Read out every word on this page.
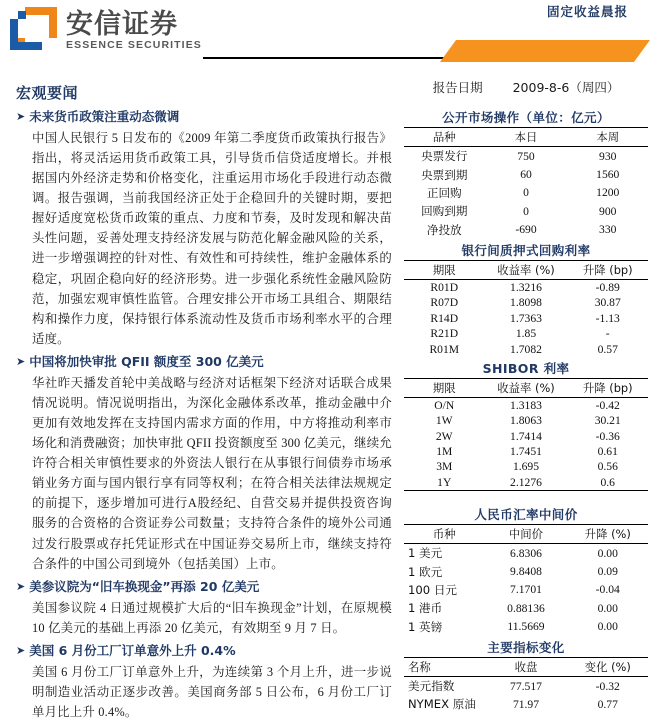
安信证券
ESSENCE SECURITIES
固定收益晨报
宏观要闻
➤ 未来货币政策注重动态微调

中国人民银行 5 日发布的《2009 年第二季度货币政策执行报告》指出，将灵活运用货币政策工具，引导货币信贷适度增长。并根据国内外经济走势和价格变化，注重运用市场化手段进行动态微调。报告强调，当前我国经济正处于企稳回升的关键时期，要把握好适度宽松货币政策的重点、力度和节奏，及时发现和解决苗头性问题，妥善处理支持经济发展与防范化解金融风险的关系，进一步增强调控的针对性、有效性和可持续性，维护金融体系的稳定，巩固企稳向好的经济形势。进一步强化系统性金融风险防范，加强宏观审慎性监管。合理安排公开市场工具组合、期限结构和操作力度，保持银行体系流动性及货币市场利率水平的合理适度。

➤ 中国将加快审批 QFII 额度至 300 亿美元

华社昨天播发首轮中美战略与经济对话框架下经济对话联合成果情况说明。情况说明指出，为深化金融体系改革，推动金融中介更加有效地发挥在支持国内需求方面的作用，中方将推动利率市场化和消费融资；加快审批 QFII 投资额度至 300 亿美元，继续允许符合相关审慎性要求的外资法人银行在从事银行间债券市场承销业务方面与国内银行享有同等权利；在符合相关法律法规规定的前提下，逐步增加可进行A股经纪、自营交易并提供投资咨询服务的合资格的合资证券公司数量；支持符合条件的境外公司通过发行股票或存托凭证形式在中国证券交易所上市，继续支持符合条件的中国公司到境外（包括美国）上市。

➤ 美参议院为“旧车换现金”再添 20 亿美元

美国参议院 4 日通过规模扩大后的“旧车换现金”计划，在原规模 10 亿美元的基础上再添 20 亿美元，有效期至 9 月 7 日。

➤ 美国 6 月份工厂订单意外上升 0.4%

美国 6 月份工厂订单意外上升，为连续第 3 个月上升，进一步说明制造业活动正逐步改善。美国商务部 5 日公布，6 月份工厂订单月比上升 0.4%。

报告日期 2009-8-6（周四）
公开市场操作（单位：亿元）
品种	本日	本周
央票发行	750	930
央票到期	60	1560
正回购	0	1200
回购到期	0	900
净投放	-690	330
银行间质押式回购利率
期限	收益率 (%)	升降 (bp)
R01D	1.3216	-0.89
R07D	1.8098	30.87
R14D	1.7363	-1.13
R21D	1.85	-
R01M	1.7082	0.57
SHIBOR 利率
期限	收益率 (%)	升降 (bp)
O/N	1.3183	-0.42
1W	1.8063	30.21
2W	1.7414	-0.36
1M	1.7451	0.61
3M	1.695	0.56
1Y	2.1276	0.6
人民币汇率中间价
币种	中间价	升降 (%)
1 美元	6.8306	0.00
1 欧元	9.8408	0.09
100 日元	7.1701	-0.04
1 港币	0.88136	0.00
1 英镑	11.5669	0.00
主要指标变化
名称	收盘	变化 (%)
美元指数	77.517	-0.32
NYMEX 原油	71.97	0.77
